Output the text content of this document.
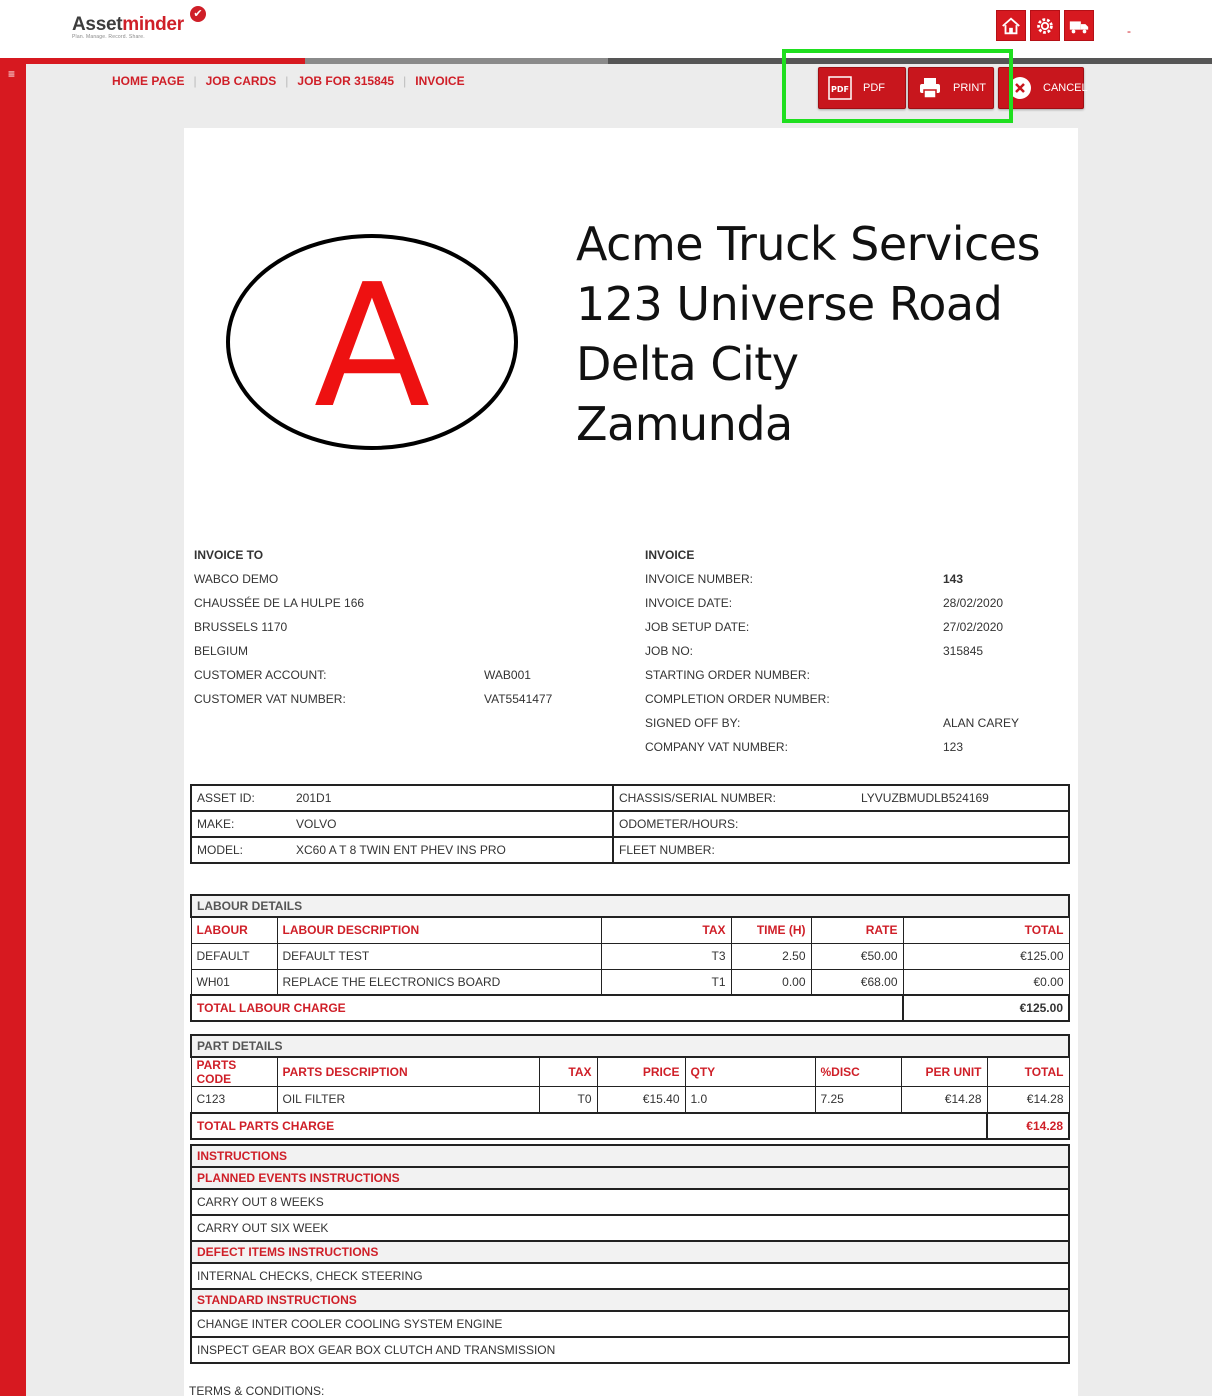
Assetminder ✔
Plan. Manage. Record. Share.	-
≡	HOME PAGE | JOB CARDS | JOB FOR 315845 | INVOICE
PDF PDF	PRINT	CANCEL
A
Acme Truck Services
123 Universe Road
Delta City
Zamunda
INVOICE TO
WABCO DEMO
CHAUSSÉE DE LA HULPE 166
BRUSSELS 1170
BELGIUM
CUSTOMER ACCOUNT:	WAB001
CUSTOMER VAT NUMBER:	VAT5541477
INVOICE
INVOICE NUMBER:	143
INVOICE DATE:	28/02/2020
JOB SETUP DATE:	27/02/2020
JOB NO:	315845
STARTING ORDER NUMBER:
COMPLETION ORDER NUMBER:
SIGNED OFF BY:	ALAN CAREY
COMPANY VAT NUMBER:	123
ASSET ID: 201D1	CHASSIS/SERIAL NUMBER: LYVUZBMUDLB524169

MAKE: VOLVO	ODOMETER/HOURS:
MODEL: XC60 A T 8 TWIN ENT PHEV INS PRO	FLEET NUMBER:
LABOUR DETAILS					
LABOUR	LABOUR DESCRIPTION	TAX	TIME (H)	RATE	TOTAL
DEFAULT	DEFAULT TEST	T3	2.50	€50.00	€125.00
WH01	REPLACE THE ELECTRONICS BOARD	T1	0.00	€68.00	€0.00
TOTAL LABOUR CHARGE					€125.00
PART DETAILS							
PARTS CODE	PARTS DESCRIPTION	TAX	PRICE	QTY	%DISC	PER UNIT	TOTAL
C123	OIL FILTER	T0	€15.40	1.0	7.25	€14.28	€14.28
TOTAL PARTS CHARGE							€14.28
INSTRUCTIONS
PLANNED EVENTS INSTRUCTIONS
CARRY OUT 8 WEEKS
CARRY OUT SIX WEEK
DEFECT ITEMS INSTRUCTIONS
INTERNAL CHECKS, CHECK STEERING
STANDARD INSTRUCTIONS
CHANGE INTER COOLER COOLING SYSTEM ENGINE
INSPECT GEAR BOX GEAR BOX CLUTCH AND TRANSMISSION
TERMS & CONDITIONS:
